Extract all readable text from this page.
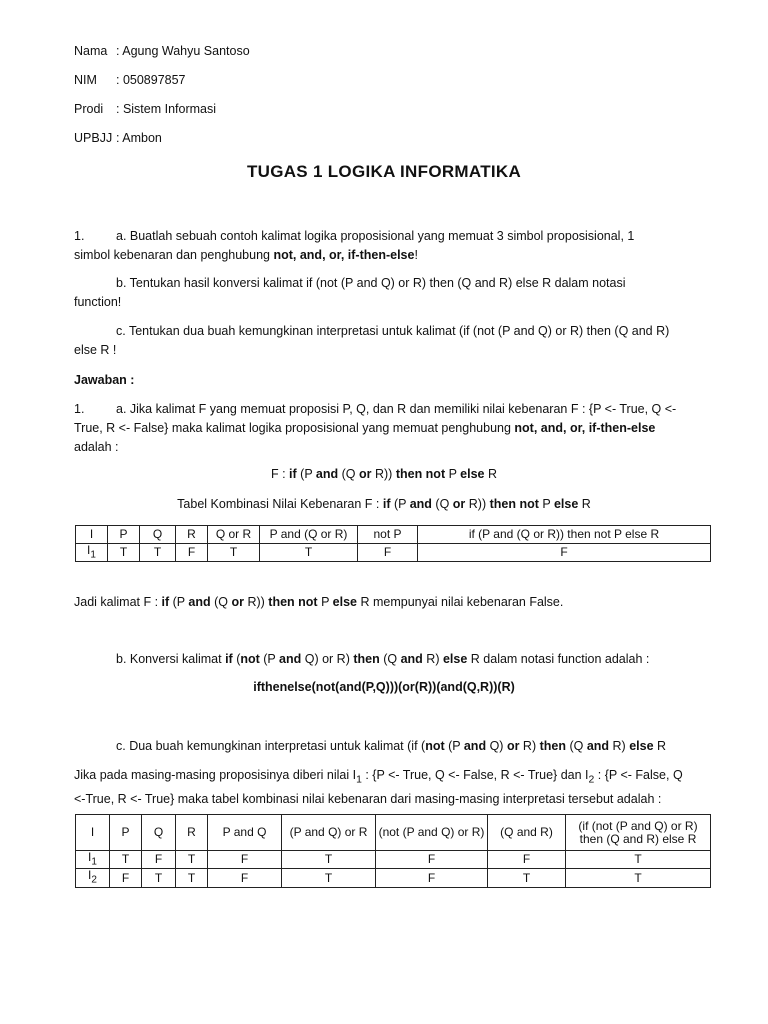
Nama : Agung Wahyu Santoso
NIM : 050897857
Prodi : Sistem Informasi
UPBJJ : Ambon
TUGAS 1 LOGIKA INFORMATIKA
1.	a. Buatlah sebuah contoh kalimat logika proposisional yang memuat 3 simbol proposisional, 1
simbol kebenaran dan penghubung not, and, or, if-then-else!
b. Tentukan hasil konversi kalimat if (not (P and Q) or R) then (Q and R) else R dalam notasi
function!
c. Tentukan dua buah kemungkinan interpretasi untuk kalimat (if (not (P and Q) or R) then (Q and R)
else R !
Jawaban :
1.	a. Jika kalimat F yang memuat proposisi P, Q, dan R dan memiliki nilai kebenaran F : {P <- True, Q <-
True, R <- False} maka kalimat logika proposisional yang memuat penghubung not, and, or, if-then-else
adalah :
F : if (P and (Q or R)) then not P else R
Tabel Kombinasi Nilai Kebenaran F : if (P and (Q or R)) then not P else R
I	P	Q	R	Q or R	P and (Q or R)	not P	if (P and (Q or R)) then not P else R
$I_1$	T	T	F	T	T	F	F
Jadi kalimat F : if (P and (Q or R)) then not P else R mempunyai nilai kebenaran False.
b. Konversi kalimat if (not (P and Q) or R) then (Q and R) else R dalam notasi function adalah :
ifthenelse(not(and(P,Q)))(or(R))(and(Q,R))(R)
c. Dua buah kemungkinan interpretasi untuk kalimat (if (not (P and Q) or R) then (Q and R) else R
Jika pada masing-masing proposisinya diberi nilai $I_1$ : {P <- True, Q <- False, R <- True} dan $I_2$ : {P <- False, Q
<-True, R <- True} maka tabel kombinasi nilai kebenaran dari masing-masing interpretasi tersebut adalah :
I	P	Q	R	P and Q	(P and Q) or R	(not (P and Q) or R)	(Q and R)	(if (not (P and Q) or R) then (Q and R) else R
$I_1$	T	F	T	F	T	F	F	T
$I_2$	F	T	T	F	T	F	T	T
